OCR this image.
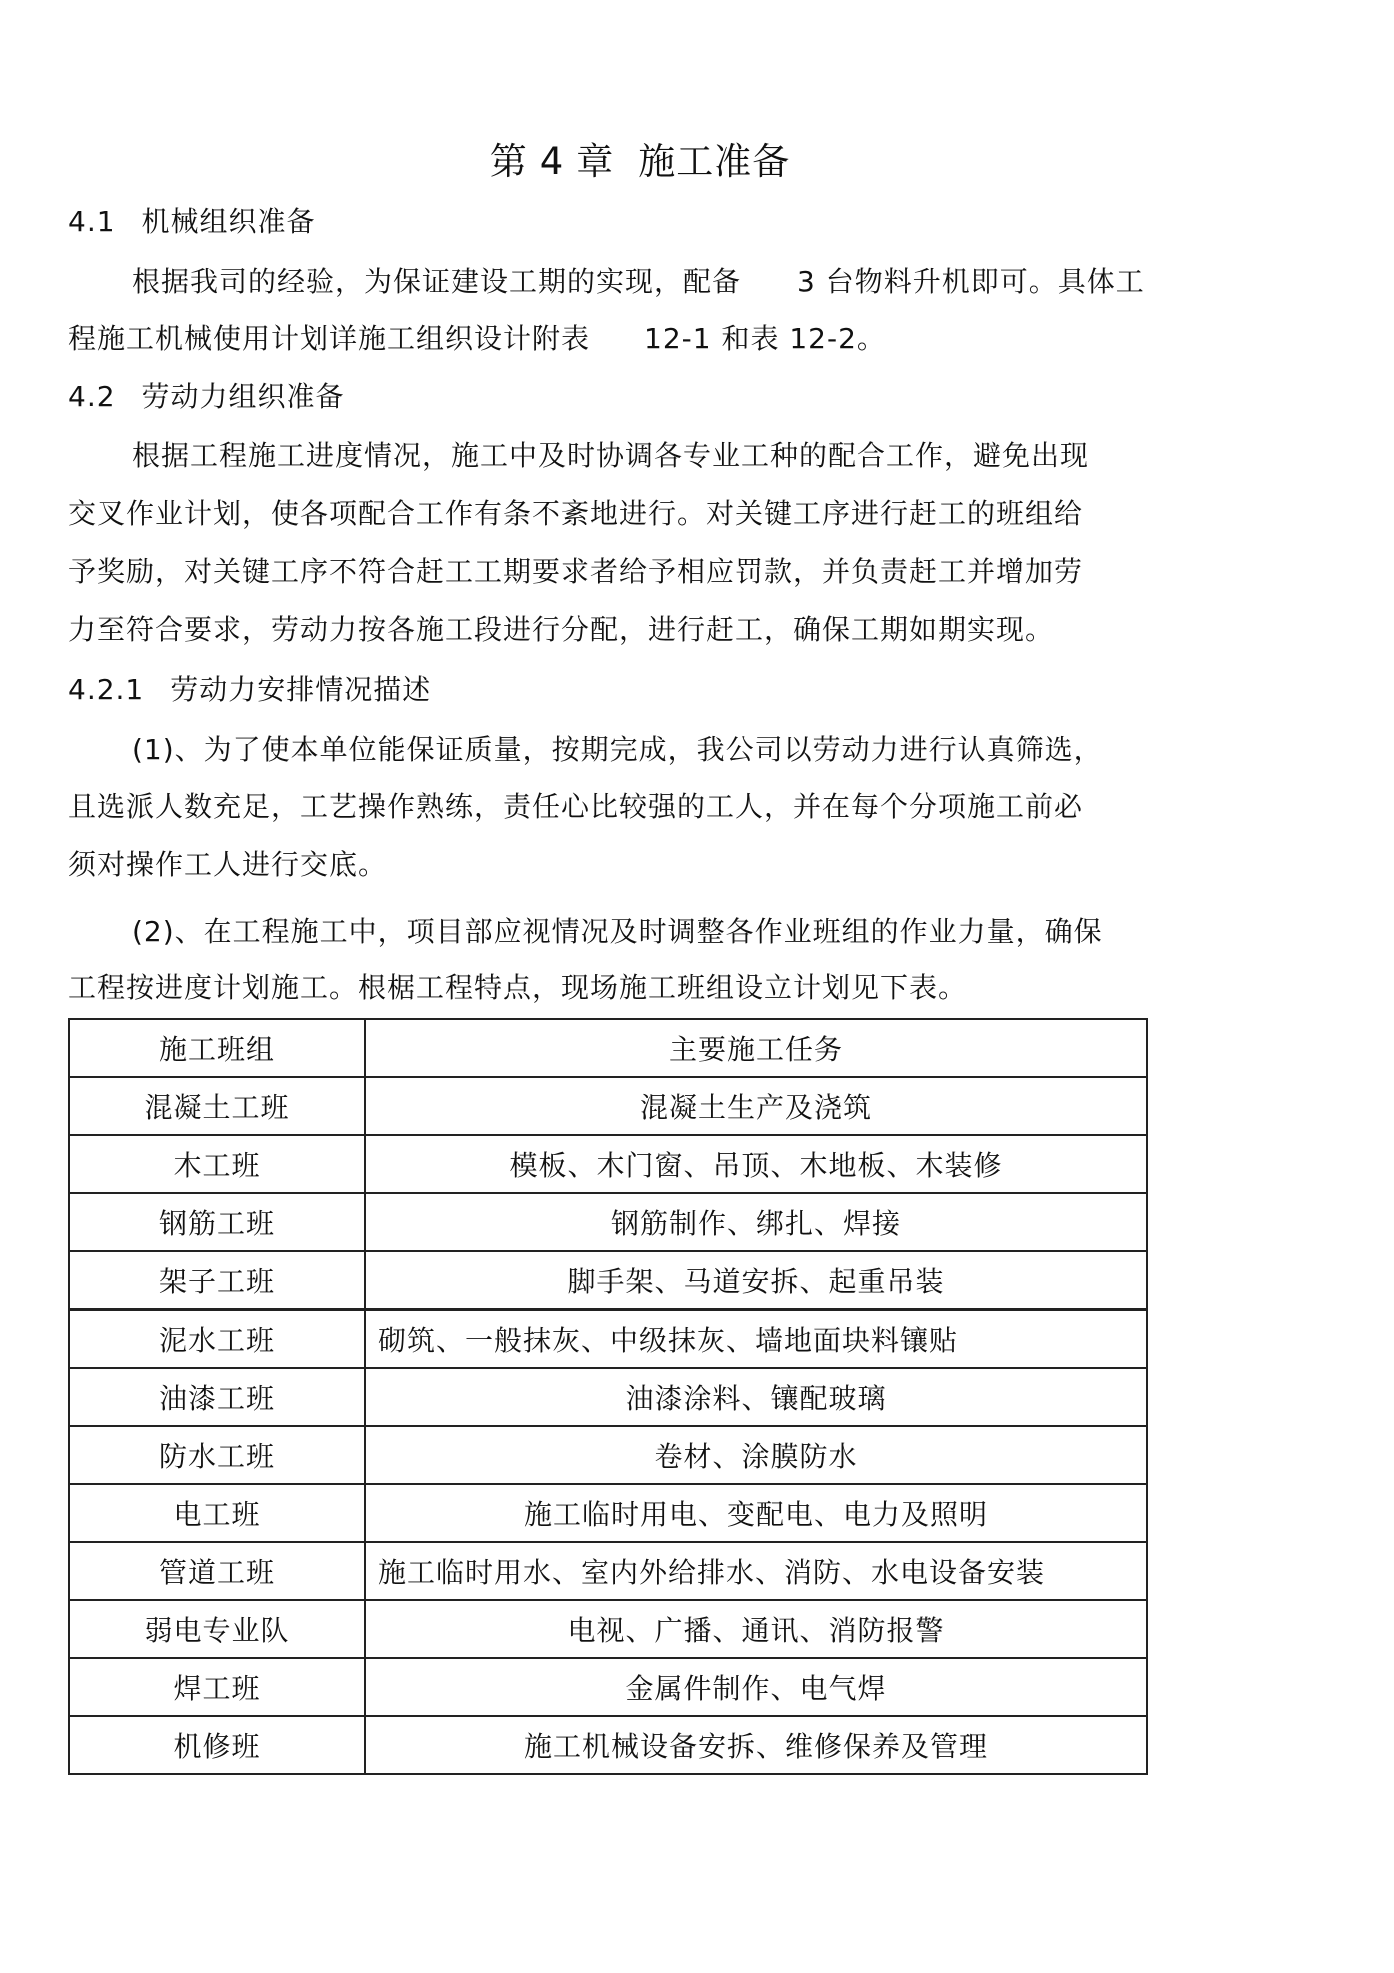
第 4 章 施工准备
4.1 机械组织准备
根据我司的经验，为保证建设工期的实现，配备 3 台物料升机即可。具体工
程施工机械使用计划详施工组织设计附表 12-1 和表 12-2。
4.2 劳动力组织准备
根据工程施工进度情况，施工中及时协调各专业工种的配合工作，避免出现
交叉作业计划，使各项配合工作有条不紊地进行。对关键工序进行赶工的班组给
予奖励，对关键工序不符合赶工工期要求者给予相应罚款，并负责赶工并增加劳
力至符合要求，劳动力按各施工段进行分配，进行赶工，确保工期如期实现。
4.2.1 劳动力安排情况描述
(1)、为了使本单位能保证质量，按期完成，我公司以劳动力进行认真筛选，
且选派人数充足，工艺操作熟练，责任心比较强的工人，并在每个分项施工前必
须对操作工人进行交底。
(2)、在工程施工中，项目部应视情况及时调整各作业班组的作业力量，确保
工程按进度计划施工。根椐工程特点，现场施工班组设立计划见下表。
施工班组	主要施工任务
混凝土工班	混凝土生产及浇筑
木工班	模板、木门窗、吊顶、木地板、木装修
钢筋工班	钢筋制作、绑扎、焊接
架子工班	脚手架、马道安拆、起重吊装
泥水工班	砌筑、一般抹灰、中级抹灰、墙地面块料镶贴
油漆工班	油漆涂料、镶配玻璃
防水工班	卷材、涂膜防水
电工班	施工临时用电、变配电、电力及照明
管道工班	施工临时用水、室内外给排水、消防、水电设备安装
弱电专业队	电视、广播、通讯、消防报警
焊工班	金属件制作、电气焊
机修班	施工机械设备安拆、维修保养及管理
